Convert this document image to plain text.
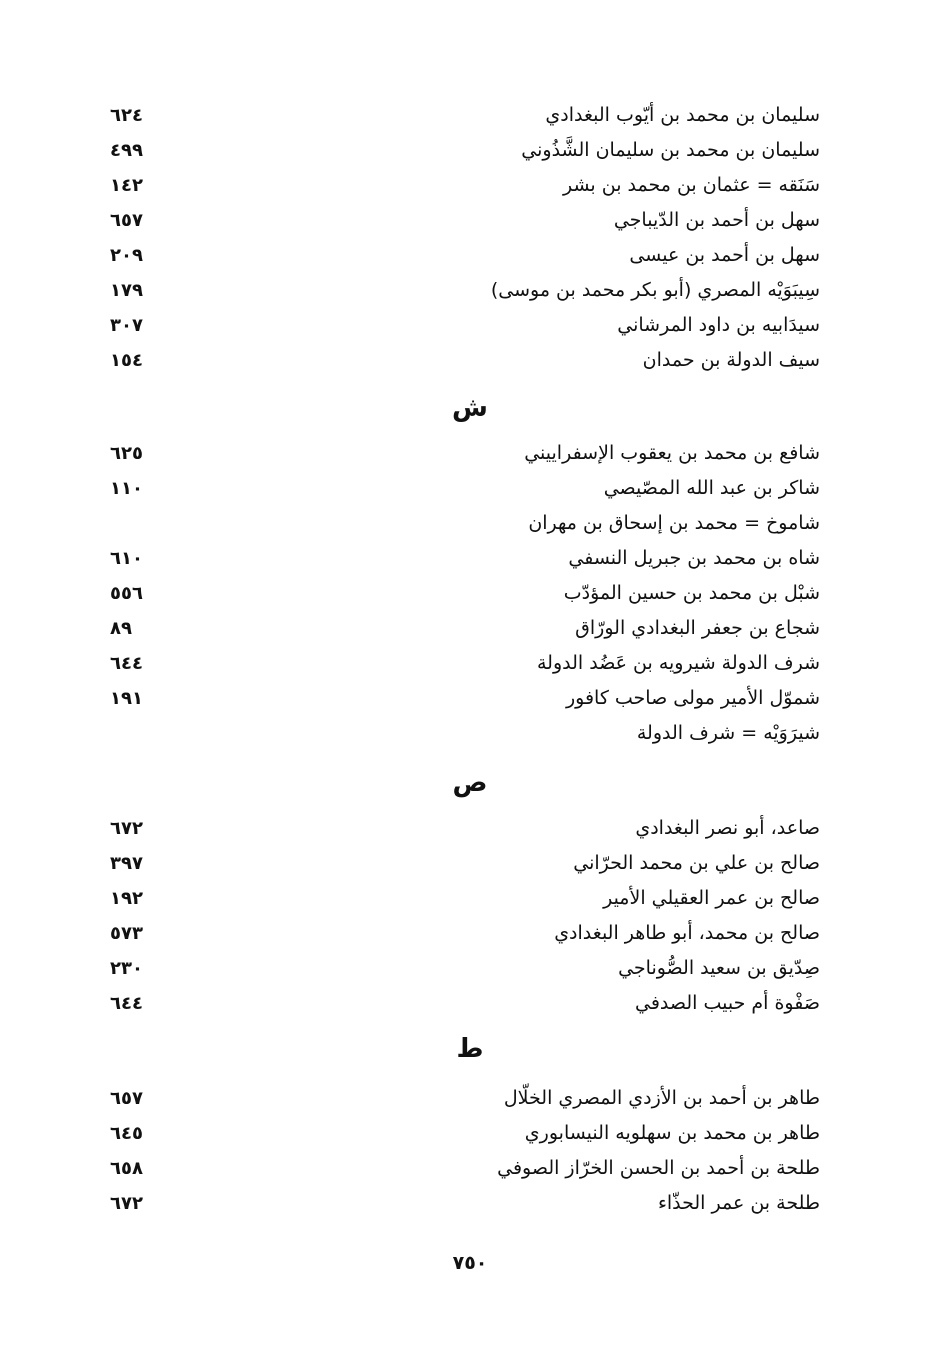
٦٢٤	سليمان بن محمد بن أيّوب البغدادي
٤٩٩	سليمان بن محمد بن سليمان الشَّذُوني
١٤٢	سَنَقه = عثمان بن محمد بن بشر
٦٥٧	سهل بن أحمد بن الدّيباجي
٢٠٩	سهل بن أحمد بن عيسى
١٧٩	سِيبَوَيْه المصري (أبو بكر محمد بن موسى)
٣٠٧	سيدَابيه بن داود المرشاني
١٥٤	سيف الدولة بن حمدان
ش
٦٢٥	شافع بن محمد بن يعقوب الإسفراييني
١١٠	شاكر بن عبد الله المصّيصي
شاموخ = محمد بن إسحاق بن مهران
٦١٠	شاه بن محمد بن جبريل النسفي
٥٥٦	شبْل بن محمد بن حسين المؤدّب
٨٩	شجاع بن جعفر البغدادي الورّاق
٦٤٤	شرف الدولة شيرويه بن عَضُد الدولة
١٩١	شموّل الأمير مولى صاحب كافور
شيرَوَيْه = شرف الدولة
ص
٦٧٢	صاعد، أبو نصر البغدادي
٣٩٧	صالح بن علي بن محمد الحرّاني
١٩٢	صالح بن عمر العقيلي الأمير
٥٧٣	صالح بن محمد، أبو طاهر البغدادي
٢٣٠	صِدّيق بن سعيد الصُّوناجي
٦٤٤	صَفْوة أم حبيب الصدفي
ط
٦٥٧	طاهر بن أحمد بن الأزدي المصري الخلّال
٦٤٥	طاهر بن محمد بن سهلويه النيسابوري
٦٥٨	طلحة بن أحمد بن الحسن الخرّاز الصوفي
٦٧٢	طلحة بن عمر الحذّاء
٧٥٠
